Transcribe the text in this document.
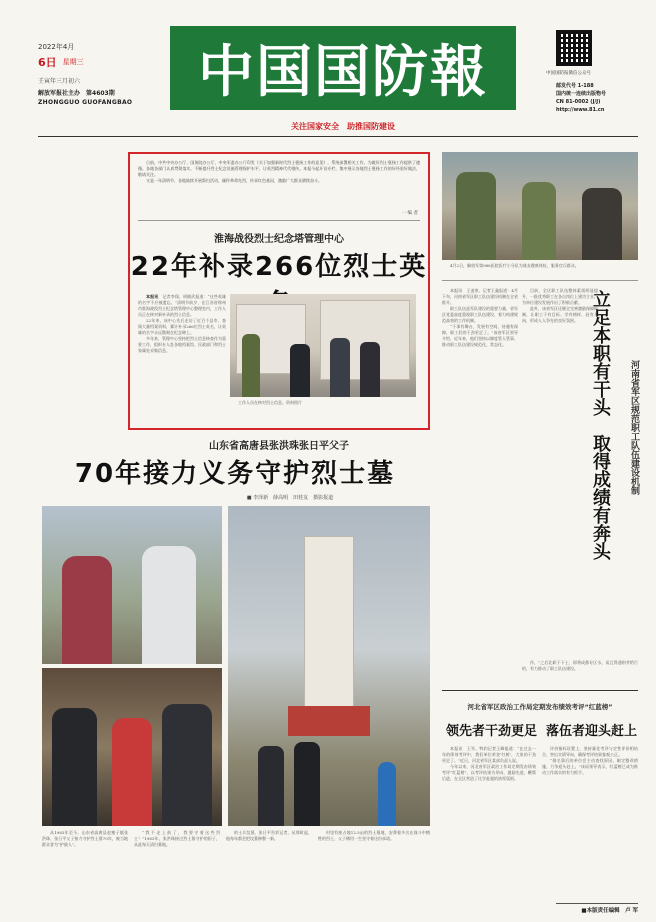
2022年4月
6日 星期三
壬寅年三月初六
解放军报社主办 第4603期
ZHONGGUO GUOFANGBAO	中国国防報
关注国家安全　助推国防建设
中国国防报微信公众号
邮发代号 1-188
国内统一连续出版物号
CN 81-0002 (J/J)
http://www.81.cn

日前，中共中央办公厅、国务院办公厅、中央军委办公厅印发《关于加强新时代烈士褒扬工作的意见》，系统部署相关工作，为做好烈士褒扬工作提供了遵循。各地各部门认真贯彻落实，不断提升烈士纪念设施管理保护水平，让英烈精神代代相传。本报今起开设专栏，集中展示各地烈士褒扬工作的好经验好做法，敬请关注。

又是一年清明节，各地陆续开展祭扫活动，缅怀革命先烈，传承红色基因，激励广大群众赓续奋斗。

一 编 者
淮海战役烈士纪念塔管理中心
22年补录266位烈士英

本报讯　记者李翔、胡晓武报道：“这些英雄的名字不应被遗忘。”清明节前夕，在江苏省徐州市淮海战役烈士纪念塔管理中心整理室内，工作人员正在核对新补录的烈士信息。

22年来，该中心先后走访了近百个县市，查阅大量档案资料，累计补录266位烈士英名，让英雄的名字永远镌刻在纪念碑上。

多年来，管理中心坚持把烈士信息核查作为重要工作，组织专人赴各地档案馆、民政部门和烈士家属处采集信息。

工作人员在核对烈士信息。资料图片

山东省高唐县张洪珠张日平父子
70年接力义务守护烈士墓
■ 李泽新　薛高明　田桂友　摄影报道

从1963年至今，山东省高唐县赵寨子镇张洪珠、张日平父子接力守护烈士墓70年，被当地群众誉为“护陵人”。

“我不走上前了，我要守着这些烈士！”1963年，张洪珠接过烈士墓守护的担子，从此每天清扫墓地。

的士兵坟墓，张日平告诉记者，从那时起，他每年都会把坟墓修整一新。

村里有座占地12.5亩的烈士墓地，安葬着多名在战斗中牺牲的烈士，父子俩用一生坚守着这份承诺。

4月2日，解放军第988医院医疗小分队为战友健康体检，服务官兵群众。

本报讯　王凌豪、记者王鑫报道：4月下旬，河南省军区职工队伍建设机制在全省推开。

职工队伍是军队建设的重要力量，省军区党委高度重视职工队伍建设，着力构建规范高效的工作机制。

“干事有舞台，发展有空间，待遇有保障，职工们的干劲更足了。”该省军区领导介绍，近年来，他们坚持以制度管人管事，推动职工队伍建设规范化、常态化。

目前，全区职工队伍整体素质明显提升，一批优秀职工在各自岗位上建功立业，为单位建设发展作出了积极贡献。

此外，该省军区还健全完善激励保障机制，让职工干有目标、学有榜样、赶有方向，形成人人争先的良好氛围。 立足本职有干头　取得成绩有奔头 河南省军区规范职工队伍建设机制

作，”之后北职干下士，即将成都专区水，而且得通则并给行的，有力推动了职工队伍建设。

河北省军区政治工作局定期发布绩效考评“红蓝榜”
领先者干劲更足 落伍者迎头赶上

本报讯　王军、特约记者王峰报道：“在过去一年的绩效考评中，我们单位荣登‘红榜’，大家的干劲更足了。”近日，河北省军区某部负责人说。

今年以来，河北省军区政治工作局定期发布绩效考评“红蓝榜”，以考评结果为导向，激励先进、鞭策后进，在全区营造了比学赶超的浓厚氛围。

评价指标设置上，坚持量化考评与定性评价相结合，突出实绩导向，确保考评结果客观公正。

“排名靠后的单位会主动查找原因、制定整改措施，力争迎头赶上。”该局领导表示，红蓝榜已成为推动工作落实的有力抓手。

■本版责任编辑　卢 军
